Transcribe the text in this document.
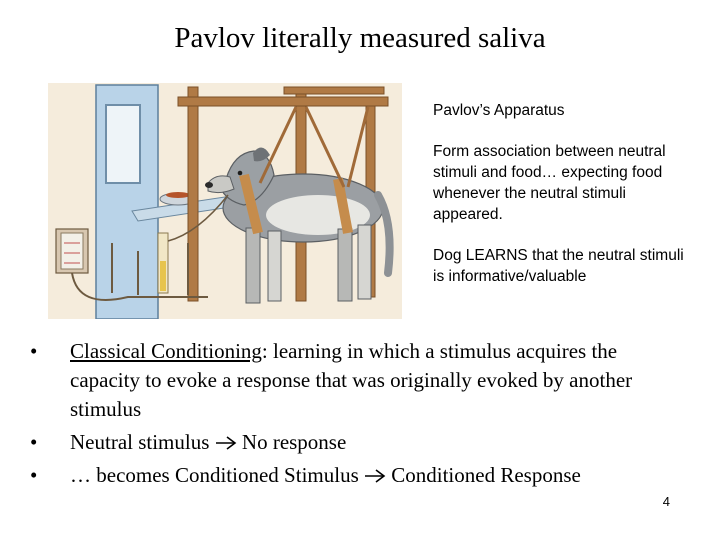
Pavlov literally measured saliva

Pavlov’s Apparatus

Form association between neutral stimuli and food… expecting food whenever the neutral stimuli appeared.

Dog LEARNS that the neutral stimuli is informative/valuable

• Classical Conditioning: learning in which a stimulus acquires the capacity to evoke a response that was originally evoked by another stimulus
• Neutral stimulus  No response
• … becomes Conditioned Stimulus  Conditioned Response
4
